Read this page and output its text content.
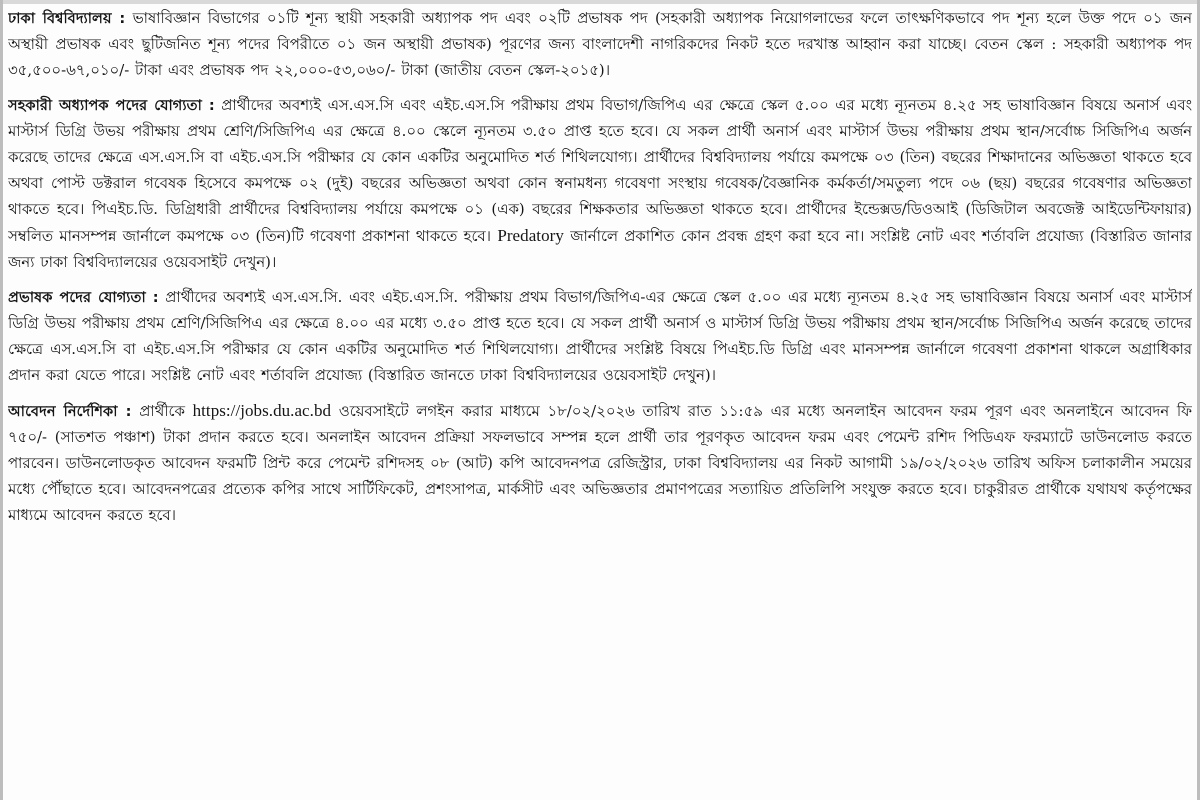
ঢাকা বিশ্ববিদ্যালয় : ভাষাবিজ্ঞান বিভাগের ০১টি শূন্য স্থায়ী সহকারী অধ্যাপক পদ এবং ০২টি প্রভাষক পদ (সহকারী অধ্যাপক নিয়োগলাভের ফলে তাৎক্ষণিকভাবে পদ শূন্য হলে উক্ত পদে ০১ জন অস্থায়ী প্রভাষক এবং ছুটিজনিত শূন্য পদের বিপরীতে ০১ জন অস্থায়ী প্রভাষক) পূরণের জন্য বাংলাদেশী নাগরিকদের নিকট হতে দরখাস্ত আহ্বান করা যাচ্ছে। বেতন স্কেল : সহকারী অধ্যাপক পদ ৩৫,৫০০-৬৭,০১০/- টাকা এবং প্রভাষক পদ ২২,০০০-৫৩,০৬০/- টাকা (জাতীয় বেতন স্কেল-২০১৫)।

সহকারী অধ্যাপক পদের যোগ্যতা : প্রার্থীদের অবশ্যই এস.এস.সি এবং এইচ.এস.সি পরীক্ষায় প্রথম বিভাগ/জিপিএ এর ক্ষেত্রে স্কেল ৫.০০ এর মধ্যে ন্যূনতম ৪.২৫ সহ ভাষাবিজ্ঞান বিষয়ে অনার্স এবং মাস্টার্স ডিগ্রি উভয় পরীক্ষায় প্রথম শ্রেণি/সিজিপিএ এর ক্ষেত্রে ৪.০০ স্কেলে ন্যূনতম ৩.৫০ প্রাপ্ত হতে হবে। যে সকল প্রার্থী অনার্স এবং মাস্টার্স উভয় পরীক্ষায় প্রথম স্থান/সর্বোচ্চ সিজিপিএ অর্জন করেছে তাদের ক্ষেত্রে এস.এস.সি বা এইচ.এস.সি পরীক্ষার যে কোন একটির অনুমোদিত শর্ত শিথিলযোগ্য। প্রার্থীদের বিশ্ববিদ্যালয় পর্যায়ে কমপক্ষে ০৩ (তিন) বছরের শিক্ষাদানের অভিজ্ঞতা থাকতে হবে অথবা পোস্ট ডক্টরাল গবেষক হিসেবে কমপক্ষে ০২ (দুই) বছরের অভিজ্ঞতা অথবা কোন স্বনামধন্য গবেষণা সংস্থায় গবেষক/বৈজ্ঞানিক কর্মকর্তা/সমতুল্য পদে ০৬ (ছয়) বছরের গবেষণার অভিজ্ঞতা থাকতে হবে। পিএইচ.ডি. ডিগ্রিধারী প্রার্থীদের বিশ্ববিদ্যালয় পর্যায়ে কমপক্ষে ০১ (এক) বছরের শিক্ষকতার অভিজ্ঞতা থাকতে হবে। প্রার্থীদের ইন্ডেক্সড/ডিওআই (ডিজিটাল অবজেক্ট আইডেন্টিফায়ার) সম্বলিত মানসম্পন্ন জার্নালে কমপক্ষে ০৩ (তিন)টি গবেষণা প্রকাশনা থাকতে হবে। Predatory জার্নালে প্রকাশিত কোন প্রবন্ধ গ্রহণ করা হবে না। সংশ্লিষ্ট নোট এবং শর্তাবলি প্রযোজ্য (বিস্তারিত জানার জন্য ঢাকা বিশ্ববিদ্যালয়ের ওয়েবসাইট দেখুন)।

প্রভাষক পদের যোগ্যতা : প্রার্থীদের অবশ্যই এস.এস.সি. এবং এইচ.এস.সি. পরীক্ষায় প্রথম বিভাগ/জিপিএ-এর ক্ষেত্রে স্কেল ৫.০০ এর মধ্যে ন্যূনতম ৪.২৫ সহ ভাষাবিজ্ঞান বিষয়ে অনার্স এবং মাস্টার্স ডিগ্রি উভয় পরীক্ষায় প্রথম শ্রেণি/সিজিপিএ এর ক্ষেত্রে ৪.০০ এর মধ্যে ৩.৫০ প্রাপ্ত হতে হবে। যে সকল প্রার্থী অনার্স ও মাস্টার্স ডিগ্রি উভয় পরীক্ষায় প্রথম স্থান/সর্বোচ্চ সিজিপিএ অর্জন করেছে তাদের ক্ষেত্রে এস.এস.সি বা এইচ.এস.সি পরীক্ষার যে কোন একটির অনুমোদিত শর্ত শিথিলযোগ্য। প্রার্থীদের সংশ্লিষ্ট বিষয়ে পিএইচ.ডি ডিগ্রি এবং মানসম্পন্ন জার্নালে গবেষণা প্রকাশনা থাকলে অগ্রাধিকার প্রদান করা যেতে পারে। সংশ্লিষ্ট নোট এবং শর্তাবলি প্রযোজ্য (বিস্তারিত জানতে ঢাকা বিশ্ববিদ্যালয়ের ওয়েবসাইট দেখুন)।

আবেদন নির্দেশিকা : প্রার্থীকে https://jobs.du.ac.bd ওয়েবসাইটে লগইন করার মাধ্যমে ১৮/০২/২০২৬ তারিখ রাত ১১:৫৯ এর মধ্যে অনলাইন আবেদন ফরম পূরণ এবং অনলাইনে আবেদন ফি ৭৫০/- (সাতশত পঞ্চাশ) টাকা প্রদান করতে হবে। অনলাইন আবেদন প্রক্রিয়া সফলভাবে সম্পন্ন হলে প্রার্থী তার পূরণকৃত আবেদন ফরম এবং পেমেন্ট রশিদ পিডিএফ ফরম্যাটে ডাউনলোড করতে পারবেন। ডাউনলোডকৃত আবেদন ফরমটি প্রিন্ট করে পেমেন্ট রশিদসহ ০৮ (আট) কপি আবেদনপত্র রেজিস্ট্রার, ঢাকা বিশ্ববিদ্যালয় এর নিকট আগামী ১৯/০২/২০২৬ তারিখ অফিস চলাকালীন সময়ের মধ্যে পৌঁছাতে হবে। আবেদনপত্রের প্রত্যেক কপির সাথে সার্টিফিকেট, প্রশংসাপত্র, মার্কসীট এবং অভিজ্ঞতার প্রমাণপত্রের সত্যায়িত প্রতিলিপি সংযুক্ত করতে হবে। চাকুরীরত প্রার্থীকে যথাযথ কর্তৃপক্ষের মাধ্যমে আবেদন করতে হবে।
